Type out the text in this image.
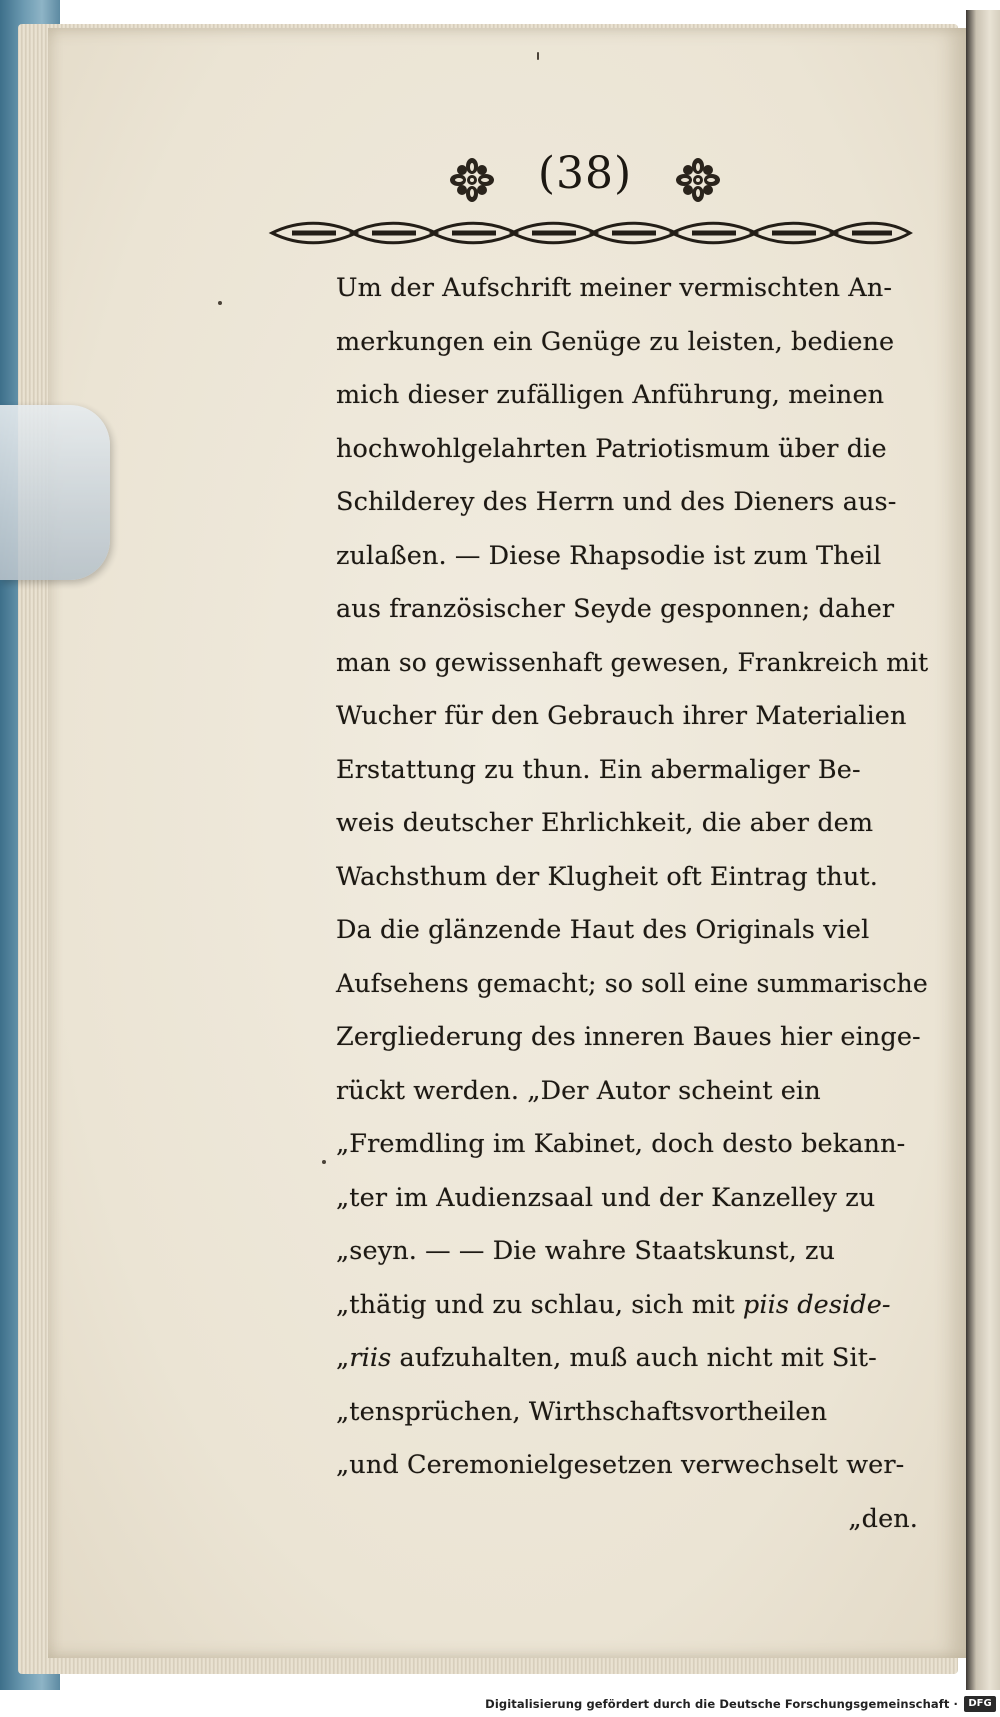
(38)
Um der Aufschrift meiner vermischten An-
merkungen ein Genüge zu leisten, bediene
mich dieser zufälligen Anführung, meinen
hochwohlgelahrten Patriotismum über die
Schilderey des Herrn und des Dieners aus-
zulaßen. — Diese Rhapsodie ist zum Theil
aus französischer Seyde gesponnen; daher
man so gewissenhaft gewesen, Frankreich mit
Wucher für den Gebrauch ihrer Materialien
Erstattung zu thun. Ein abermaliger Be-
weis deutscher Ehrlichkeit, die aber dem
Wachsthum der Klugheit oft Eintrag thut.
Da die glänzende Haut des Originals viel
Aufsehens gemacht; so soll eine summarische
Zergliederung des inneren Baues hier einge-
rückt werden. „Der Autor scheint ein
„Fremdling im Kabinet, doch desto bekann-
„ter im Audienzsaal und der Kanzelley zu
„seyn. — — Die wahre Staatskunst, zu
„thätig und zu schlau, sich mit piis deside-
„riis aufzuhalten, muß auch nicht mit Sit-
„tensprüchen, Wirthschaftsvortheilen
„und Ceremonielgesetzen verwechselt wer-
„den.
Digitalisierung gefördert durch die Deutsche Forschungsgemeinschaft ·	DFG
